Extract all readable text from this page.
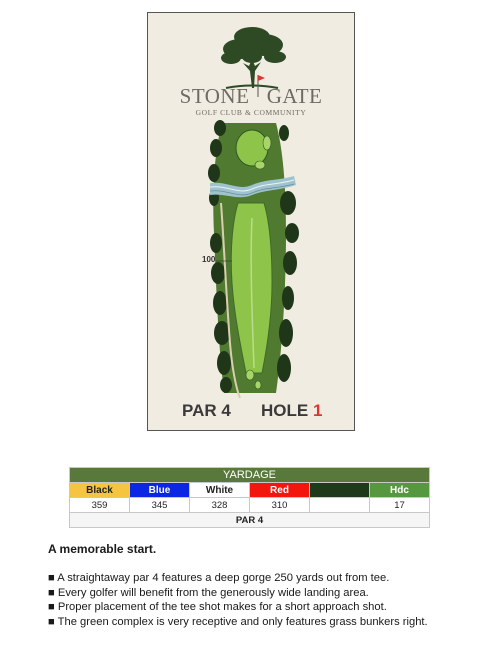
STONE GATE
GOLF CLUB & COMMUNITY
100
PAR 4 HOLE 1
YARDAGE					
Black	Blue	White	Red		Hdc
359	345	328	310		17
PAR 4					

A memorable start.

■ A straightaway par 4 features a deep gorge 250 yards out from tee.
■ Every golfer will benefit from the generously wide landing area.
■ Proper placement of the tee shot makes for a short approach shot.
■ The green complex is very receptive and only features grass bunkers right.
